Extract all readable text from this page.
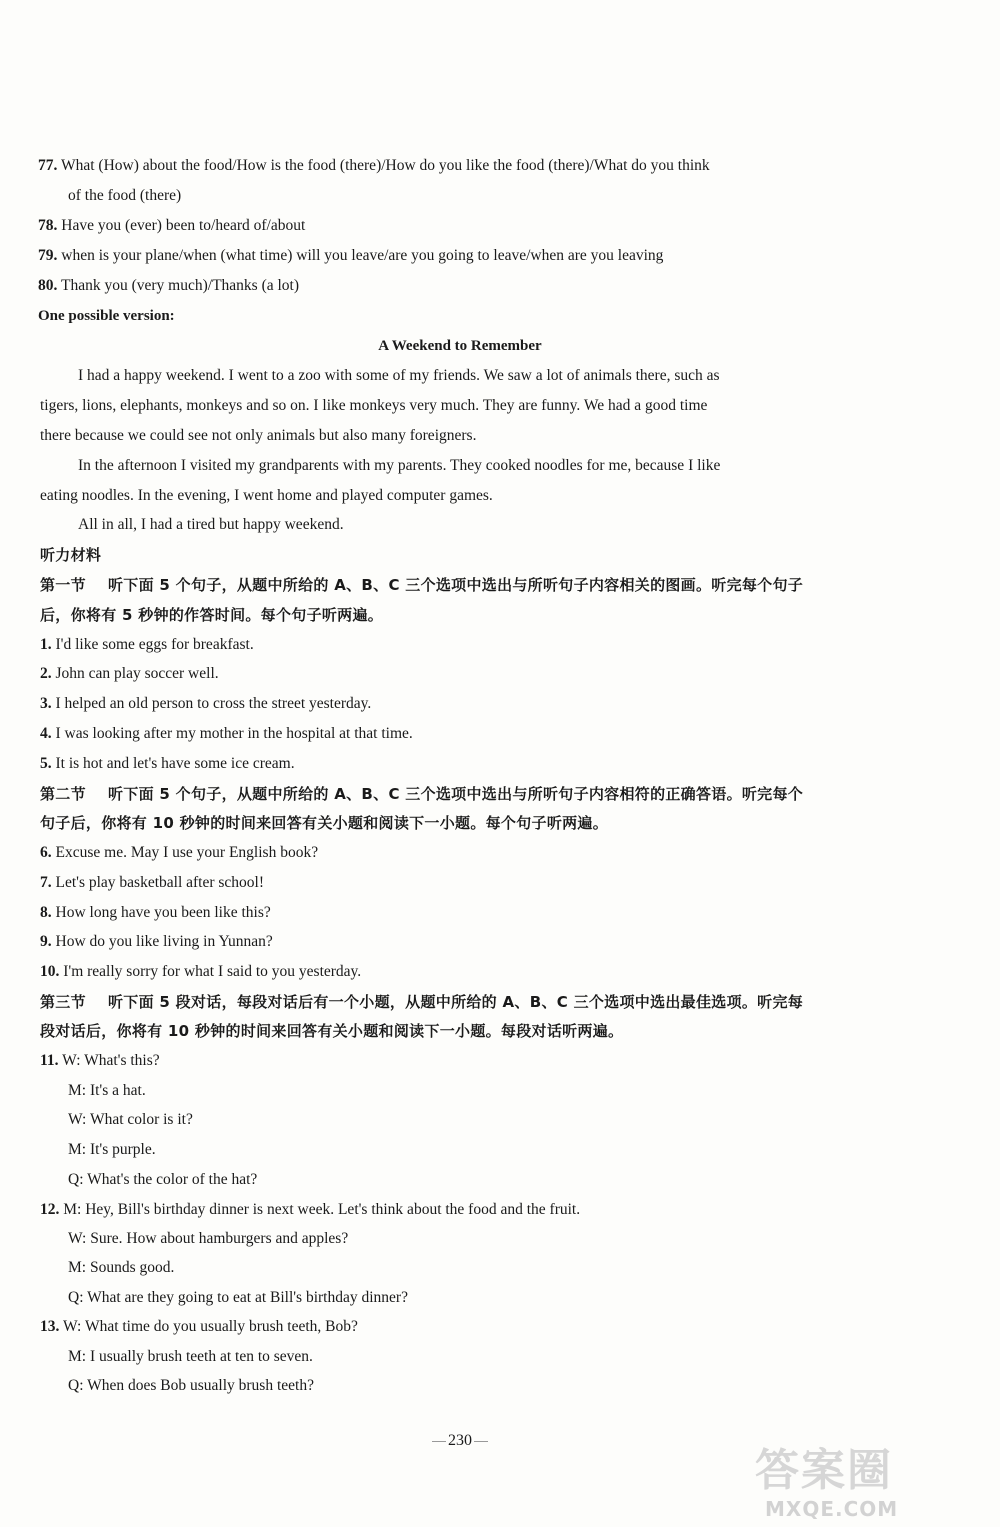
77. What (How) about the food/How is the food (there)/How do you like the food (there)/What do you think
of the food (there)
78. Have you (ever) been to/heard of/about
79. when is your plane/when (what time) will you leave/are you going to leave/when are you leaving
80. Thank you (very much)/Thanks (a lot)
One possible version:
A Weekend to Remember
I had a happy weekend. I went to a zoo with some of my friends. We saw a lot of animals there, such as
tigers, lions, elephants, monkeys and so on. I like monkeys very much. They are funny. We had a good time
there because we could see not only animals but also many foreigners.
In the afternoon I visited my grandparents with my parents. They cooked noodles for me, because I like
eating noodles. In the evening, I went home and played computer games.
All in all, I had a tired but happy weekend.
听力材料
第一节 听下面 5 个句子，从题中所给的 A、B、C 三个选项中选出与所听句子内容相关的图画。听完每个句子
后，你将有 5 秒钟的作答时间。每个句子听两遍。
1. I'd like some eggs for breakfast.
2. John can play soccer well.
3. I helped an old person to cross the street yesterday.
4. I was looking after my mother in the hospital at that time.
5. It is hot and let's have some ice cream.
第二节 听下面 5 个句子，从题中所给的 A、B、C 三个选项中选出与所听句子内容相符的正确答语。听完每个
句子后，你将有 10 秒钟的时间来回答有关小题和阅读下一小题。每个句子听两遍。
6. Excuse me. May I use your English book?
7. Let's play basketball after school!
8. How long have you been like this?
9. How do you like living in Yunnan?
10. I'm really sorry for what I said to you yesterday.
第三节 听下面 5 段对话，每段对话后有一个小题，从题中所给的 A、B、C 三个选项中选出最佳选项。听完每
段对话后，你将有 10 秒钟的时间来回答有关小题和阅读下一小题。每段对话听两遍。
11. W: What's this?
M: It's a hat.
W: What color is it?
M: It's purple.
Q: What's the color of the hat?
12. M: Hey, Bill's birthday dinner is next week. Let's think about the food and the fruit.
W: Sure. How about hamburgers and apples?
M: Sounds good.
Q: What are they going to eat at Bill's birthday dinner?
13. W: What time do you usually brush teeth, Bob?
M: I usually brush teeth at ten to seven.
Q: When does Bob usually brush teeth?
230
答案圈
MXQE.COM
